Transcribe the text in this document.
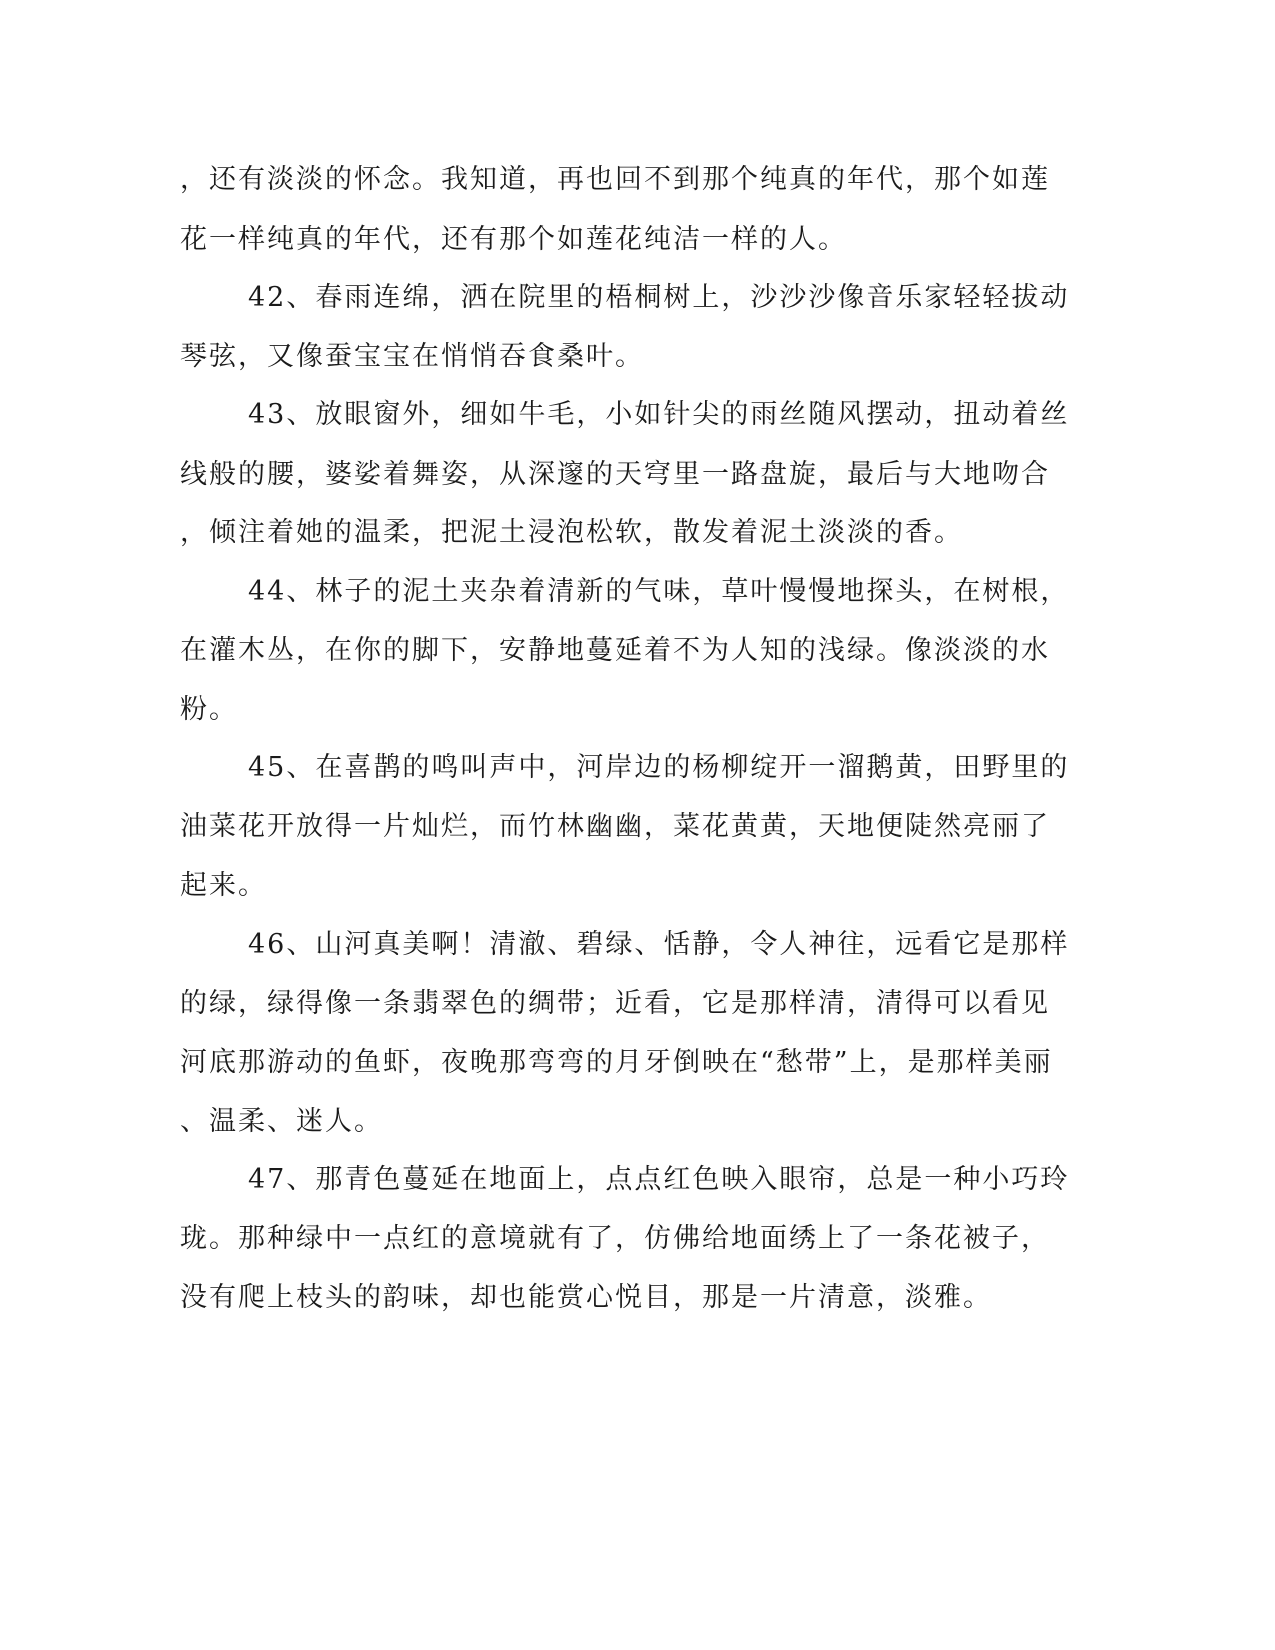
，还有淡淡的怀念。我知道，再也回不到那个纯真的年代，那个如莲
花一样纯真的年代，还有那个如莲花纯洁一样的人。
42、春雨连绵，洒在院里的梧桐树上，沙沙沙像音乐家轻轻拔动
琴弦，又像蚕宝宝在悄悄吞食桑叶。
43、放眼窗外，细如牛毛，小如针尖的雨丝随风摆动，扭动着丝
线般的腰，婆娑着舞姿，从深邃的天穹里一路盘旋，最后与大地吻合
，倾注着她的温柔，把泥土浸泡松软，散发着泥土淡淡的香。
44、林子的泥土夹杂着清新的气味，草叶慢慢地探头，在树根，
在灌木丛，在你的脚下，安静地蔓延着不为人知的浅绿。像淡淡的水
粉。
45、在喜鹊的鸣叫声中，河岸边的杨柳绽开一溜鹅黄，田野里的
油菜花开放得一片灿烂，而竹林幽幽，菜花黄黄，天地便陡然亮丽了
起来。
46、山河真美啊！清澈、碧绿、恬静，令人神往，远看它是那样
的绿，绿得像一条翡翠色的绸带；近看，它是那样清，清得可以看见
河底那游动的鱼虾，夜晚那弯弯的月牙倒映在“愁带”上，是那样美丽
、温柔、迷人。
47、那青色蔓延在地面上，点点红色映入眼帘，总是一种小巧玲
珑。那种绿中一点红的意境就有了，仿佛给地面绣上了一条花被子，
没有爬上枝头的韵味，却也能赏心悦目，那是一片清意，淡雅。
